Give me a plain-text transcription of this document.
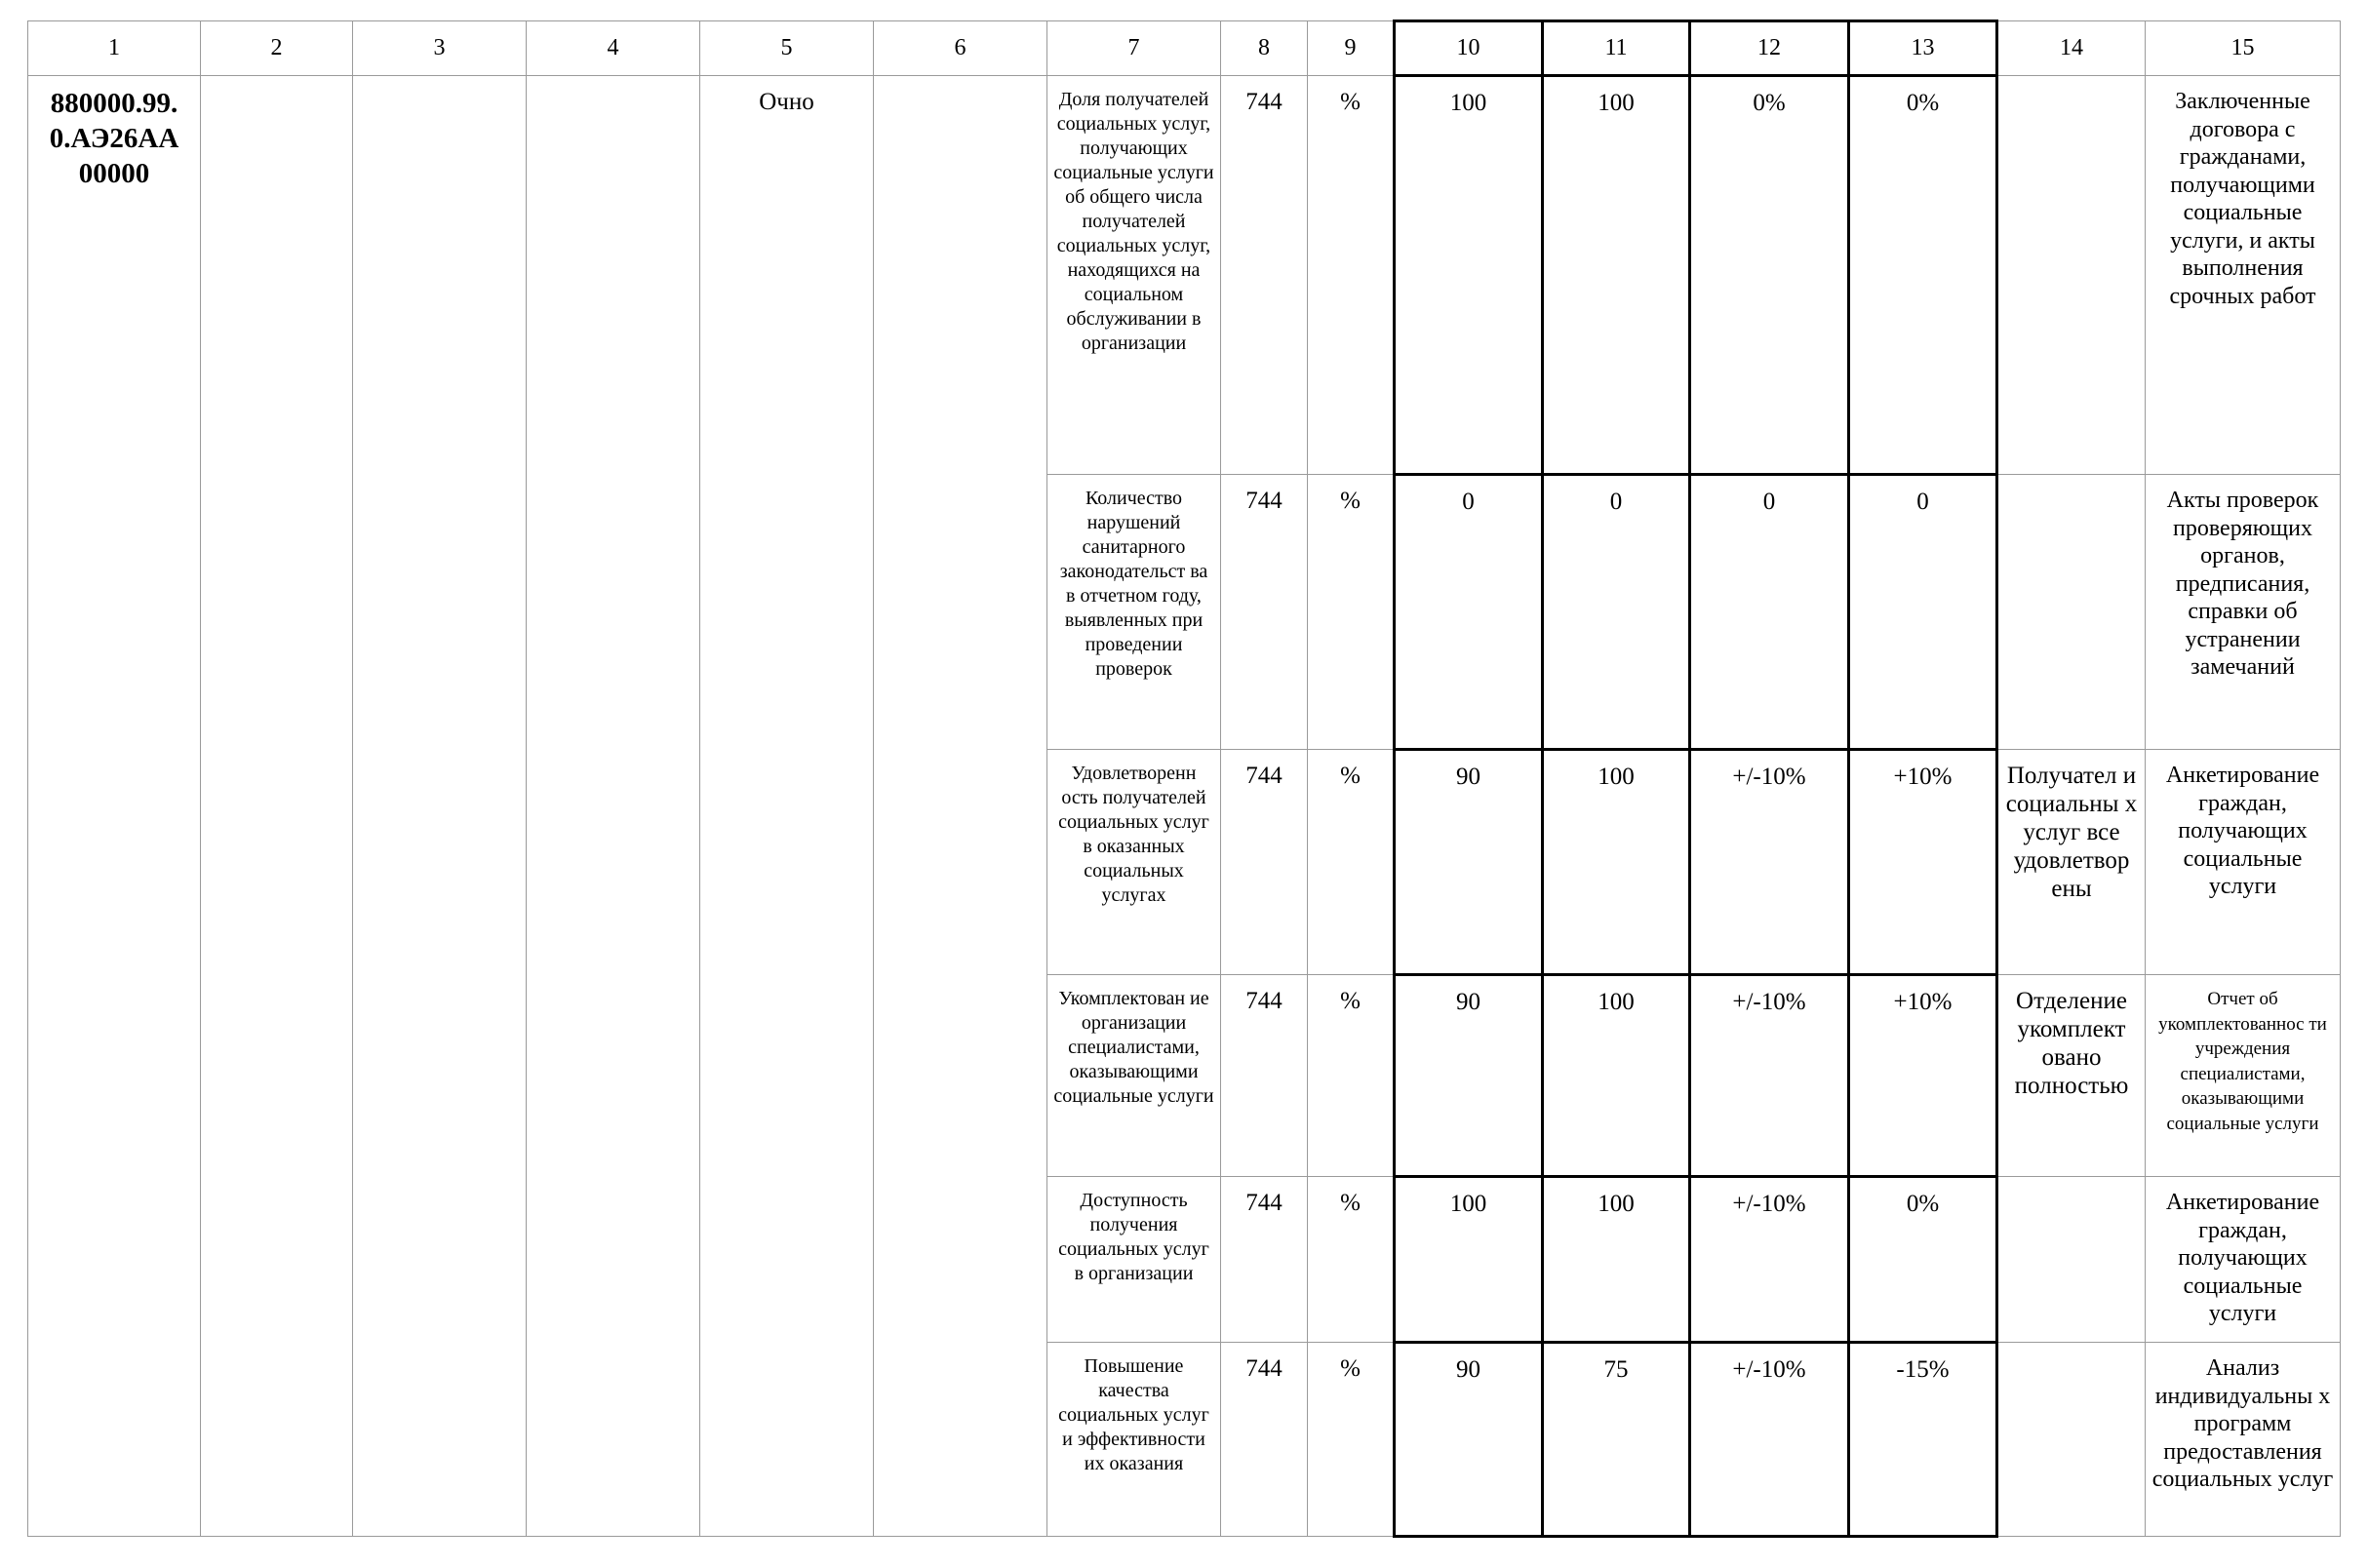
1	2	3	4	5	6	7	8	9	10	11	12	13	14	15
880000.99.
0.АЭ26АА
00000				Очно		Доля получателей социальных услуг, получающих социальные услуги об общего числа получателей социальных услуг, находящихся на социальном обслуживании в организации	744	%	100	100	0%	0%		Заключенные договора с гражданами, получающими социальные услуги, и акты выполнения срочных работ
						Количество нарушений санитарного законодательст ва в отчетном году, выявленных при проведении проверок	744	%	0	0	0	0		Акты проверок проверяющих органов, предписания, справки об устранении замечаний
						Удовлетворенн ость получателей социальных услуг в оказанных социальных услугах	744	%	90	100	+/-10%	+10%	Получател и социальны х услуг все удовлетвор ены	Анкетирование граждан, получающих социальные услуги
						Укомплектован ие организации специалистами, оказывающими социальные услуги	744	%	90	100	+/-10%	+10%	Отделение укомплект овано полностью	Отчет об укомплектованнос ти учреждения специалистами, оказывающими социальные услуги
						Доступность получения социальных услуг в организации	744	%	100	100	+/-10%	0%		Анкетирование граждан, получающих социальные услуги
						Повышение качества социальных услуг и эффективности их оказания	744	%	90	75	+/-10%	-15%		Анализ индивидуальны х программ предоставления социальных услуг
